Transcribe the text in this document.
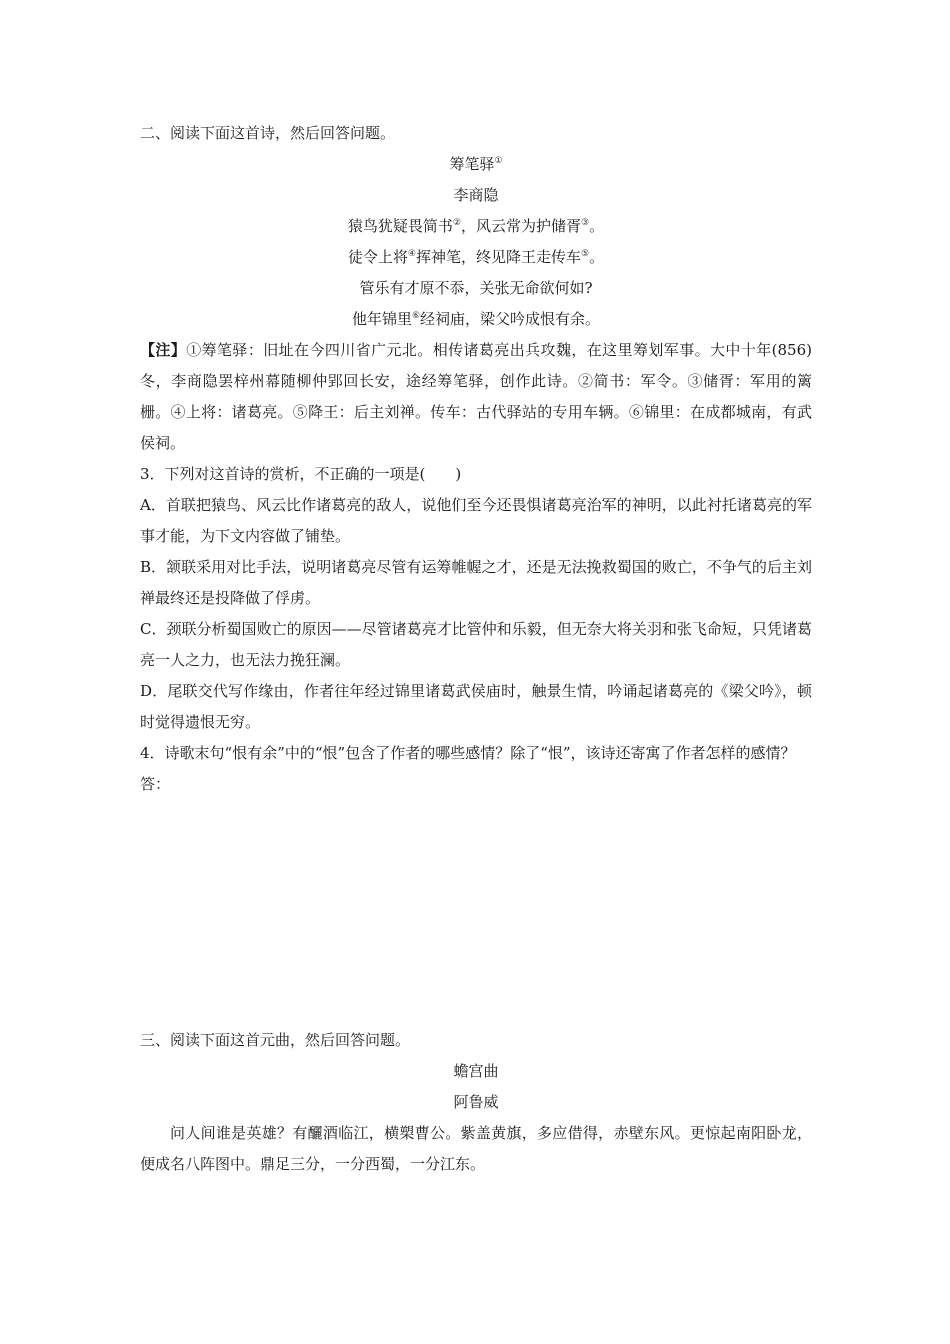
二、阅读下面这首诗，然后回答问题。
筹笔驿①
李商隐
猿鸟犹疑畏简书②，风云常为护储胥③。
徒令上将④挥神笔，终见降王走传车⑤。
管乐有才原不忝，关张无命欲何如?
他年锦里⑥经祠庙，梁父吟成恨有余。
【注】①筹笔驿：旧址在今四川省广元北。相传诸葛亮出兵攻魏，在这里筹划军事。大中十年(856)冬，李商隐罢梓州幕随柳仲郢回长安，途经筹笔驿，创作此诗。②简书：军令。③储胥：军用的篱栅。④上将：诸葛亮。⑤降王：后主刘禅。传车：古代驿站的专用车辆。⑥锦里：在成都城南，有武侯祠。
3．下列对这首诗的赏析，不正确的一项是(　　)
A．首联把猿鸟、风云比作诸葛亮的敌人，说他们至今还畏惧诸葛亮治军的神明，以此衬托诸葛亮的军事才能，为下文内容做了铺垫。
B．颔联采用对比手法，说明诸葛亮尽管有运筹帷幄之才，还是无法挽救蜀国的败亡，不争气的后主刘禅最终还是投降做了俘虏。
C．颈联分析蜀国败亡的原因——尽管诸葛亮才比管仲和乐毅，但无奈大将关羽和张飞命短，只凭诸葛亮一人之力，也无法力挽狂澜。
D．尾联交代写作缘由，作者往年经过锦里诸葛武侯庙时，触景生情，吟诵起诸葛亮的《梁父吟》，顿时觉得遗恨无穷。
4．诗歌末句“恨有余”中的“恨”包含了作者的哪些感情？除了“恨”，该诗还寄寓了作者怎样的感情？
答：
三、阅读下面这首元曲，然后回答问题。
蟾宫曲
阿鲁威
问人间谁是英雄？有釃酒临江，横槊曹公。紫盖黄旗，多应借得，赤壁东风。更惊起南阳卧龙，便成名八阵图中。鼎足三分，一分西蜀，一分江东。
